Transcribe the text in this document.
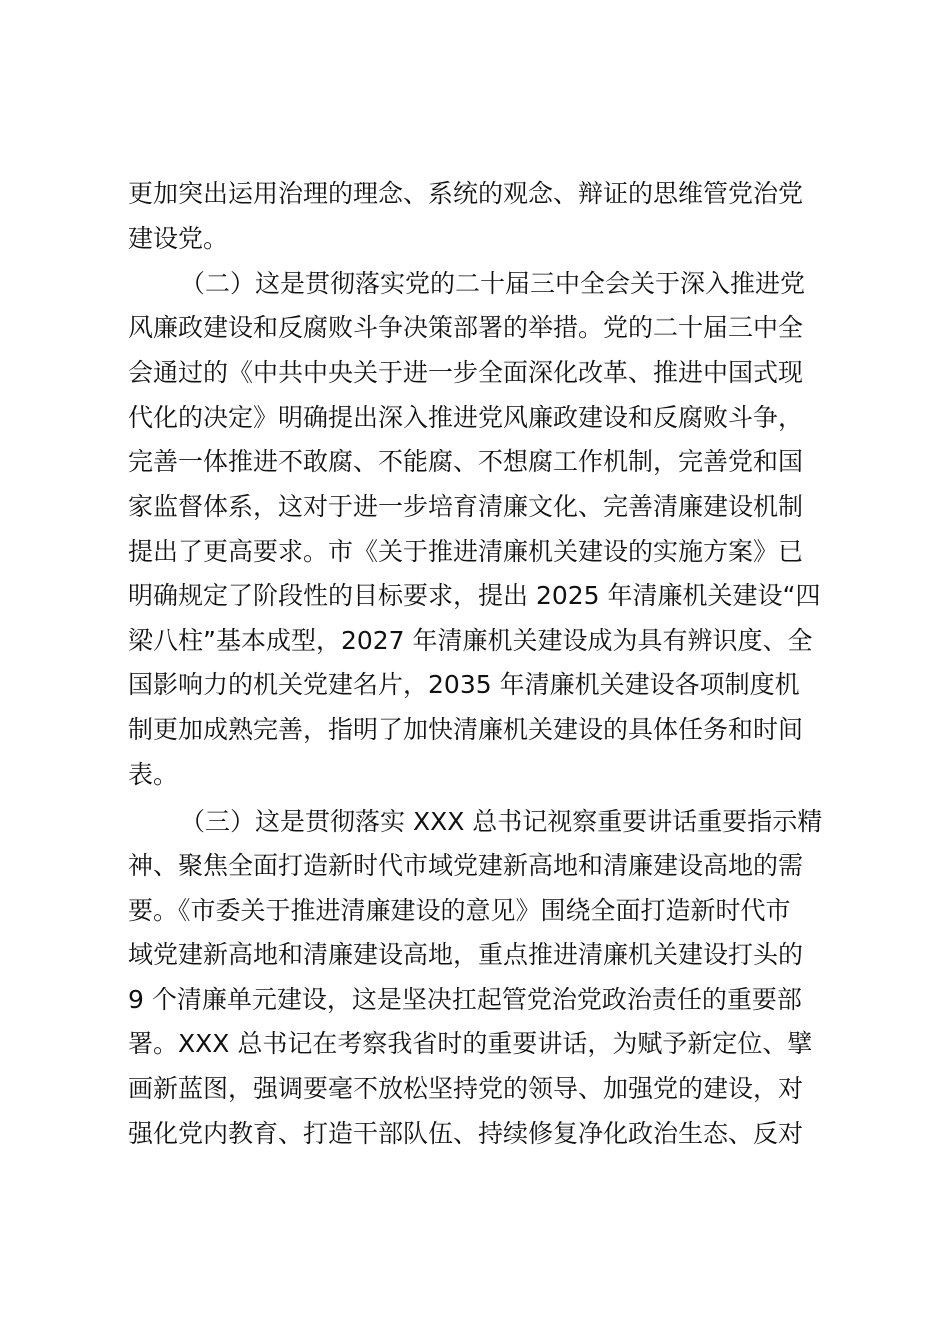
更加突出运用治理的理念、系统的观念、辩证的思维管党治党
建设党。
（二）这是贯彻落实党的二十届三中全会关于深入推进党
风廉政建设和反腐败斗争决策部署的举措。党的二十届三中全
会通过的《中共中央关于进一步全面深化改革、推进中国式现
代化的决定》明确提出深入推进党风廉政建设和反腐败斗争，
完善一体推进不敢腐、不能腐、不想腐工作机制，完善党和国
家监督体系，这对于进一步培育清廉文化、完善清廉建设机制
提出了更高要求。市《关于推进清廉机关建设的实施方案》已
明确规定了阶段性的目标要求，提出 2025 年清廉机关建设“四
梁八柱”基本成型，2027 年清廉机关建设成为具有辨识度、全
国影响力的机关党建名片，2035 年清廉机关建设各项制度机
制更加成熟完善，指明了加快清廉机关建设的具体任务和时间
表。
（三）这是贯彻落实 XXX 总书记视察重要讲话重要指示精
神、聚焦全面打造新时代市域党建新高地和清廉建设高地的需
要。《市委关于推进清廉建设的意见》围绕全面打造新时代市
域党建新高地和清廉建设高地，重点推进清廉机关建设打头的
9 个清廉单元建设，这是坚决扛起管党治党政治责任的重要部
署。XXX 总书记在考察我省时的重要讲话，为赋予新定位、擘
画新蓝图，强调要毫不放松坚持党的领导、加强党的建设，对
强化党内教育、打造干部队伍、持续修复净化政治生态、反对
